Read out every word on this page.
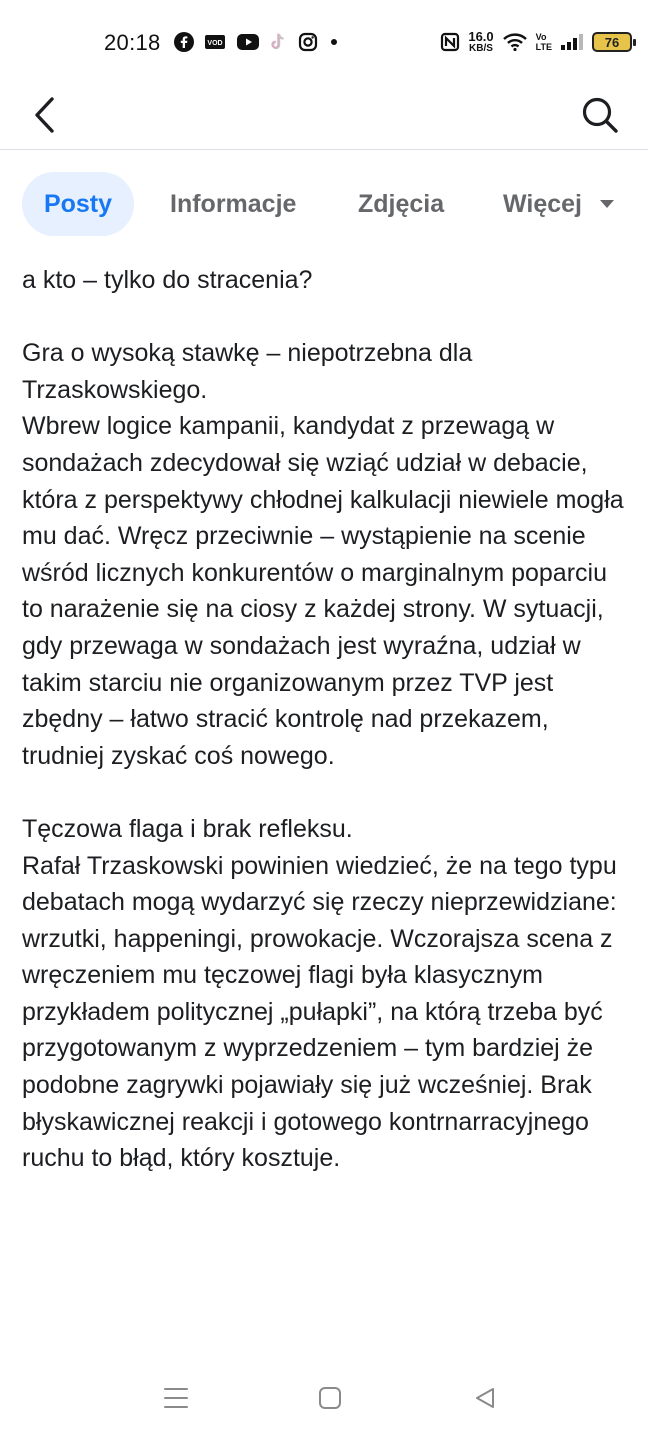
20:18	VOD	16.0
KB/S
Vo
LTE	76
Posty Informacje Zdjęcia Więcej

a kto – tylko do stracenia?

Gra o wysoką stawkę – niepotrzebna dla Trzaskowskiego.
Wbrew logice kampanii, kandydat z przewagą w sondażach zdecydował się wziąć udział w debacie, która z perspektywy chłodnej kalkulacji niewiele mogła mu dać. Wręcz przeciwnie – wystąpienie na scenie wśród licznych konkurentów o marginalnym poparciu to narażenie się na ciosy z każdej strony. W sytuacji, gdy przewaga w sondażach jest wyraźna, udział w takim starciu nie organizowanym przez TVP jest zbędny – łatwo stracić kontrolę nad przekazem, trudniej zyskać coś nowego.

Tęczowa flaga i brak refleksu.
Rafał Trzaskowski powinien wiedzieć, że na tego typu debatach mogą wydarzyć się rzeczy nieprzewidziane: wrzutki, happeningi, prowokacje. Wczorajsza scena z wręczeniem mu tęczowej flagi była klasycznym przykładem politycznej „pułapki”, na którą trzeba być przygotowanym z wyprzedzeniem – tym bardziej że podobne zagrywki pojawiały się już wcześniej. Brak błyskawicznej reakcji i gotowego kontrnarracyjnego ruchu to błąd, który kosztuje.
